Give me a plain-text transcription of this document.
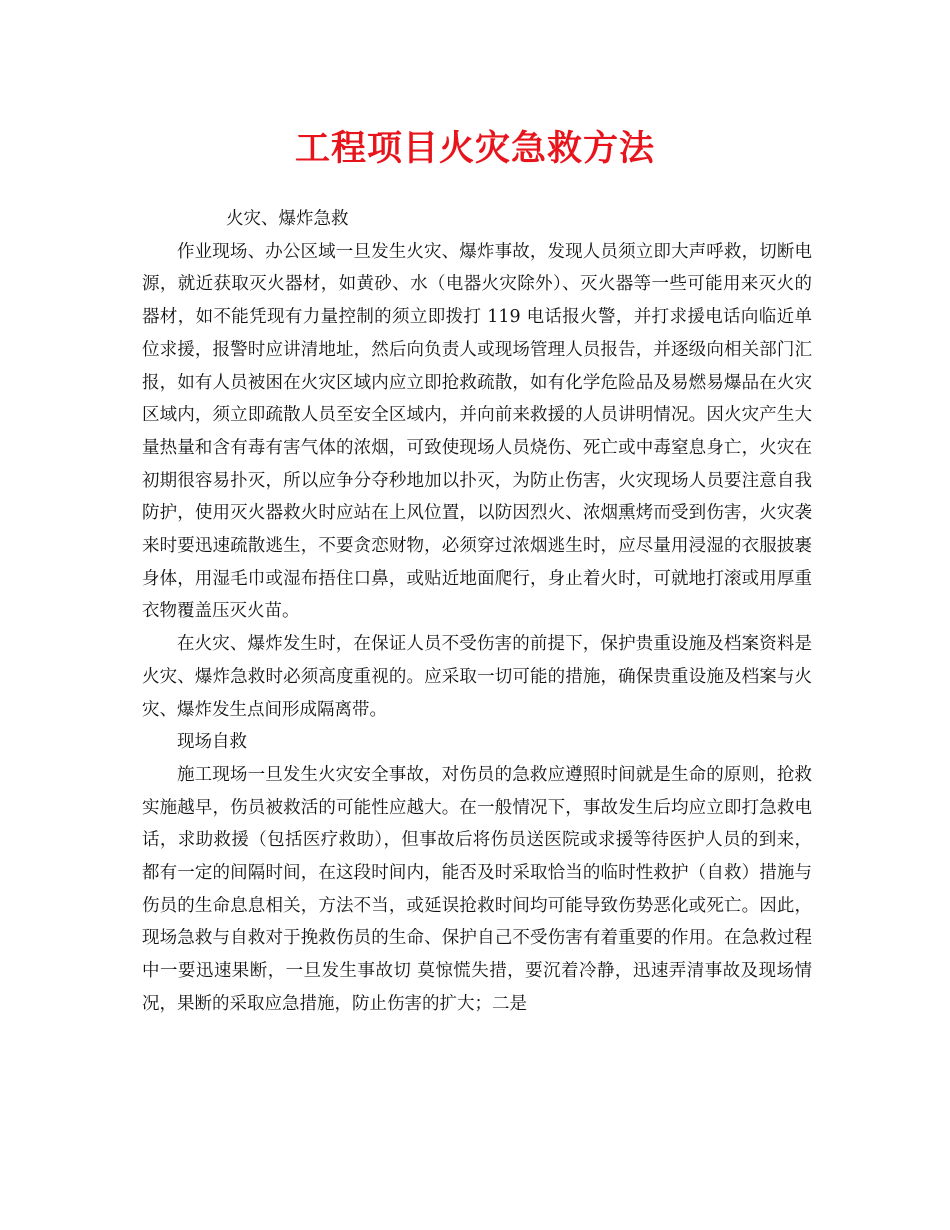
工程项目火灾急救方法

火灾、爆炸急救

作业现场、办公区域一旦发生火灾、爆炸事故，发现人员须立即大声呼救，切断电源，就近获取灭火器材，如黄砂、水（电器火灾除外）、灭火器等一些可能用来灭火的器材，如不能凭现有力量控制的须立即拨打 119 电话报火警，并打求援电话向临近单位求援，报警时应讲清地址，然后向负责人或现场管理人员报告，并逐级向相关部门汇报，如有人员被困在火灾区域内应立即抢救疏散，如有化学危险品及易燃易爆品在火灾区域内，须立即疏散人员至安全区域内，并向前来救援的人员讲明情况。因火灾产生大量热量和含有毒有害气体的浓烟，可致使现场人员烧伤、死亡或中毒窒息身亡，火灾在初期很容易扑灭，所以应争分夺秒地加以扑灭，为防止伤害，火灾现场人员要注意自我防护，使用灭火器救火时应站在上风位置，以防因烈火、浓烟熏烤而受到伤害，火灾袭来时要迅速疏散逃生，不要贪恋财物，必须穿过浓烟逃生时，应尽量用浸湿的衣服披裹身体，用湿毛巾或湿布捂住口鼻，或贴近地面爬行，身止着火时，可就地打滚或用厚重衣物覆盖压灭火苗。

在火灾、爆炸发生时，在保证人员不受伤害的前提下，保护贵重设施及档案资料是火灾、爆炸急救时必须高度重视的。应采取一切可能的措施，确保贵重设施及档案与火灾、爆炸发生点间形成隔离带。

现场自救

施工现场一旦发生火灾安全事故，对伤员的急救应遵照时间就是生命的原则，抢救实施越早，伤员被救活的可能性应越大。在一般情况下，事故发生后均应立即打急救电话，求助救援（包括医疗救助），但事故后将伤员送医院或求援等待医护人员的到来，都有一定的间隔时间，在这段时间内，能否及时采取恰当的临时性救护（自救）措施与伤员的生命息息相关，方法不当，或延误抢救时间均可能导致伤势恶化或死亡。因此，现场急救与自救对于挽救伤员的生命、保护自己不受伤害有着重要的作用。在急救过程中一要迅速果断，一旦发生事故切 莫惊慌失措，要沉着冷静，迅速弄清事故及现场情况，果断的采取应急措施，防止伤害的扩大；二是
